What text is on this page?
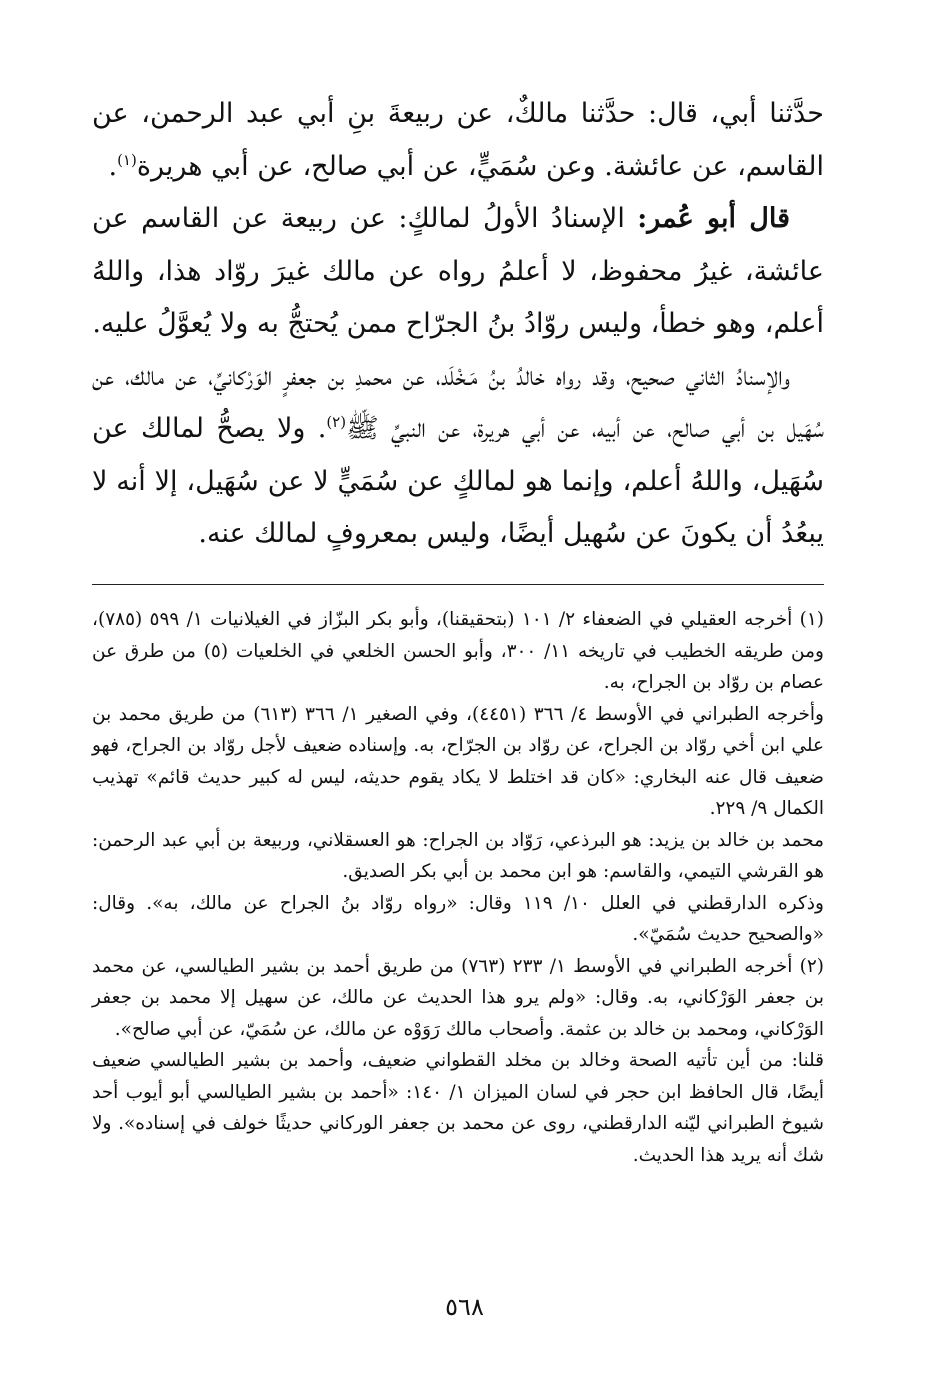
حدَّثنا أبي، قال: حدَّثنا مالكٌ، عن ربيعةَ بنِ أبي عبد الرحمن، عن القاسم، عن عائشة. وعن سُمَيٍّ، عن أبي صالح، عن أبي هريرة$^{(١)}$.

قال أبو عُمر: الإسنادُ الأولُ لمالكٍ: عن ربيعة عن القاسم عن عائشة، غيرُ محفوظ، لا أعلمُ رواه عن مالك غيرَ روّاد هذا، واللهُ أعلم، وهو خطأ، وليس روّادُ بنُ الجرّاح ممن يُحتجُّ به ولا يُعوَّلُ عليه.

والإسنادُ الثاني صحيح، وقد رواه خالدُ بنُ مَـخْلَد، عن محمدِ بن جعفرٍ الوَرْكانيِّ، عن مالك، عن سُهَيل بن أبي صالح، عن أبيه، عن أبي هريرة، عن النبيِّ ﷺ$^{(٢)}$. ولا يصحُّ لمالك عن سُهَيل، واللهُ أعلم، وإنما هو لمالكٍ عن سُمَيٍّ لا عن سُهَيل، إلا أنه لا يبعُدُ أن يكونَ عن سُهيل أيضًا، وليس بمعروفٍ لمالك عنه.

(١) أخرجه العقيلي في الضعفاء ٢/ ١٠١ (بتحقيقنا)، وأبو بكر البزّاز في الغيلانيات ١/ ٥٩٩ (٧٨٥)، ومن طريقه الخطيب في تاريخه ١١/ ٣٠٠، وأبو الحسن الخلعي في الخلعيات (٥) من طرق عن عصام بن روّاد بن الجراح، به.

وأخرجه الطبراني في الأوسط ٤/ ٣٦٦ (٤٤٥١)، وفي الصغير ١/ ٣٦٦ (٦١٣) من طريق محمد بن علي ابن أخي روّاد بن الجراح، عن روّاد بن الجرّاح، به. وإسناده ضعيف لأجل روّاد بن الجراح، فهو ضعيف قال عنه البخاري: «كان قد اختلط لا يكاد يقوم حديثه، ليس له كبير حديث قائم» تهذيب الكمال ٩/ ٢٢٩.

محمد بن خالد بن يزيد: هو البرذعي، رَوّاد بن الجراح: هو العسقلاني، وربيعة بن أبي عبد الرحمن: هو القرشي التيمي، والقاسم: هو ابن محمد بن أبي بكر الصديق.

وذكره الدارقطني في العلل ١٠/ ١١٩ وقال: «رواه روّاد بنُ الجراح عن مالك، به». وقال: «والصحيح حديث سُمَيّ».

(٢) أخرجه الطبراني في الأوسط ١/ ٢٣٣ (٧٦٣) من طريق أحمد بن بشير الطيالسي، عن محمد بن جعفر الوَرْكاني، به. وقال: «ولم يرو هذا الحديث عن مالك، عن سهيل إلا محمد بن جعفر الوَرْكاني، ومحمد بن خالد بن عثمة. وأصحاب مالك رَوَوْه عن مالك، عن سُمَيّ، عن أبي صالح».

قلنا: من أين تأتيه الصحة وخالد بن مخلد القطواني ضعيف، وأحمد بن بشير الطيالسي ضعيف أيضًا، قال الحافظ ابن حجر في لسان الميزان ١/ ١٤٠: «أحمد بن بشير الطيالسي أبو أيوب أحد شيوخ الطبراني ليّنه الدارقطني، روى عن محمد بن جعفر الوركاني حديثًا خولف في إسناده». ولا شك أنه يريد هذا الحديث.

٥٦٨
